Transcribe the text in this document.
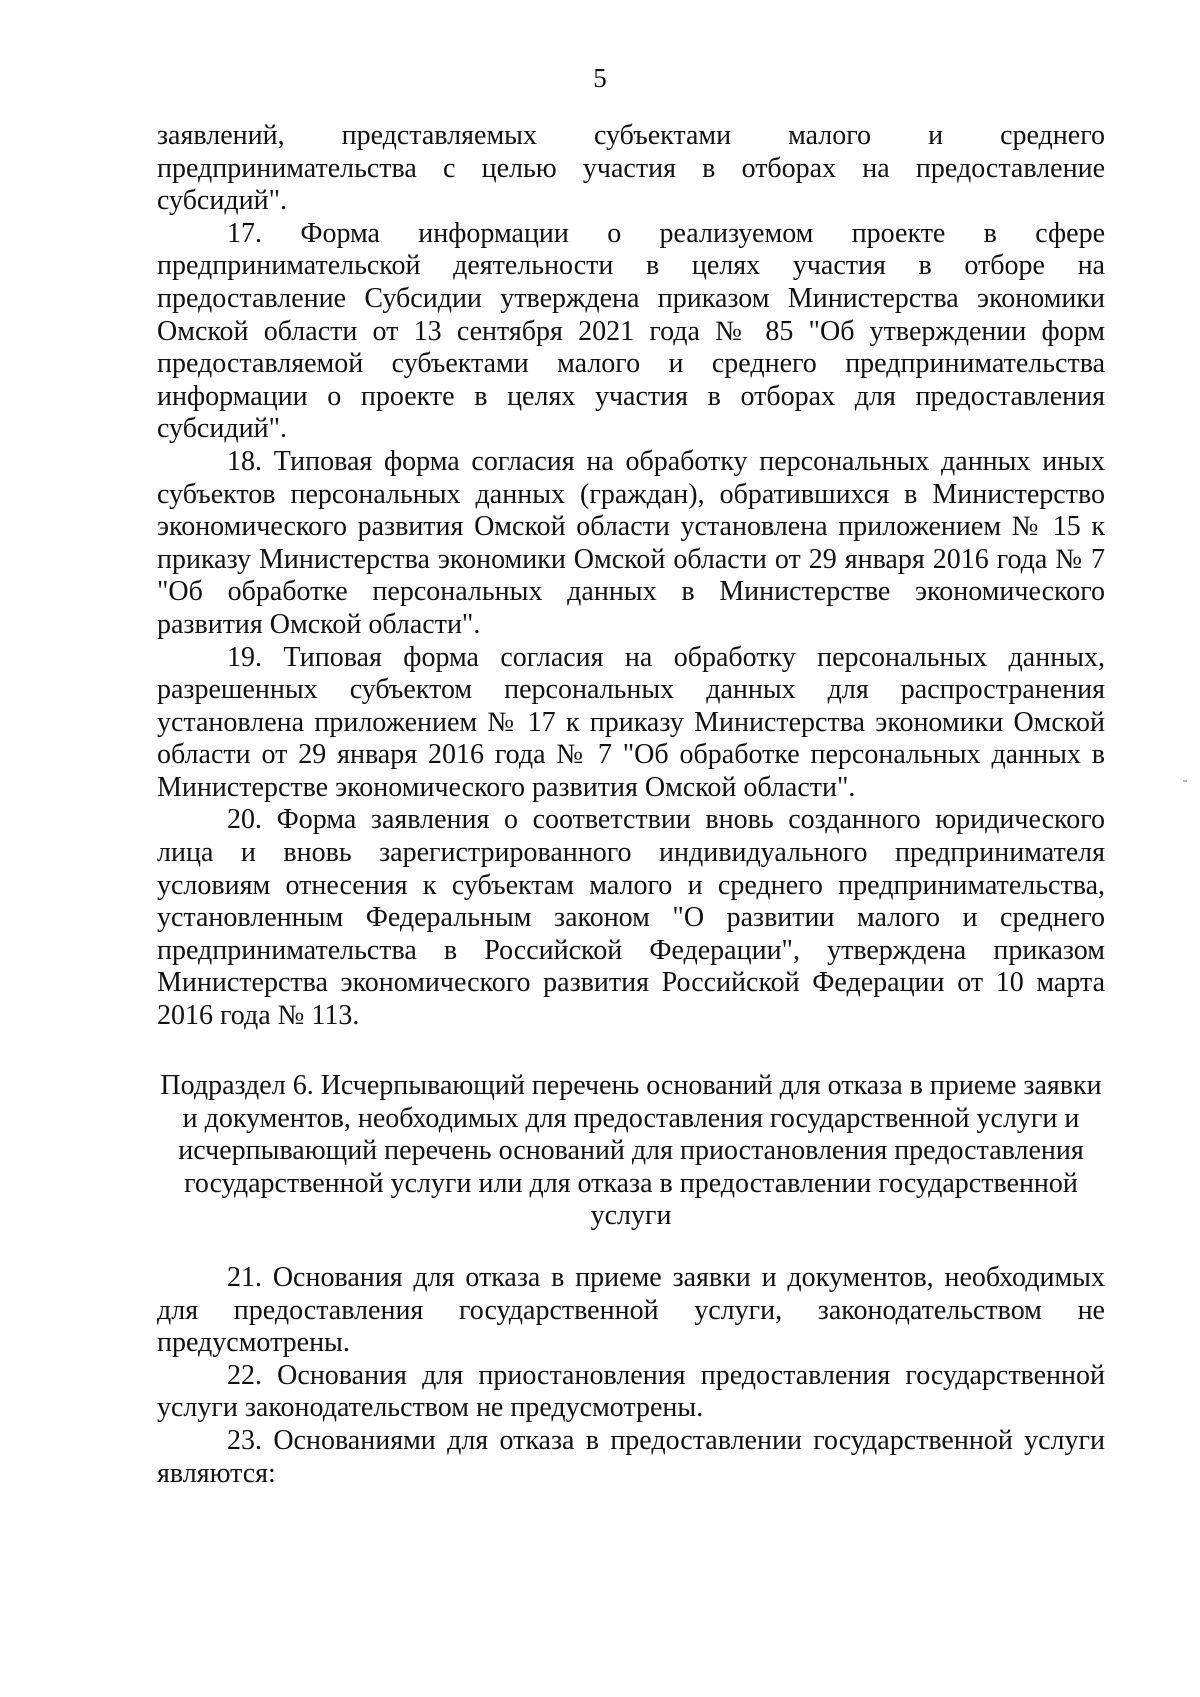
5

заявлений, представляемых субъектами малого и среднего предпринимательства с целью участия в отборах на предоставление субсидий".

17. Форма информации о реализуемом проекте в сфере предпринимательской деятельности в целях участия в отборе на предоставление Субсидии утверждена приказом Министерства экономики Омской области от 13 сентября 2021 года № 85 "Об утверждении форм предоставляемой субъектами малого и среднего предпринимательства информации о проекте в целях участия в отборах для предоставления субсидий".

18. Типовая форма согласия на обработку персональных данных иных субъектов персональных данных (граждан), обратившихся в Министерство экономического развития Омской области установлена приложением № 15 к приказу Министерства экономики Омской области от 29 января 2016 года № 7 "Об обработке персональных данных в Министерстве экономического развития Омской области".

19. Типовая форма согласия на обработку персональных данных, разрешенных субъектом персональных данных для распространения установлена приложением № 17 к приказу Министерства экономики Омской области от 29 января 2016 года № 7 "Об обработке персональных данных в Министерстве экономического развития Омской области".

20. Форма заявления о соответствии вновь созданного юридического лица и вновь зарегистрированного индивидуального предпринимателя условиям отнесения к субъектам малого и среднего предпринимательства, установленным Федеральным законом "О развитии малого и среднего предпринимательства в Российской Федерации", утверждена приказом Министерства экономического развития Российской Федерации от 10 марта 2016 года № 113.

Подраздел 6. Исчерпывающий перечень оснований для отказа в приеме заявки и документов, необходимых для предоставления государственной услуги и исчерпывающий перечень оснований для приостановления предоставления государственной услуги или для отказа в предоставлении государственной услуги

21. Основания для отказа в приеме заявки и документов, необходимых для предоставления государственной услуги, законодательством не предусмотрены.

22. Основания для приостановления предоставления государственной услуги законодательством не предусмотрены.

23. Основаниями для отказа в предоставлении государственной услуги являются:
